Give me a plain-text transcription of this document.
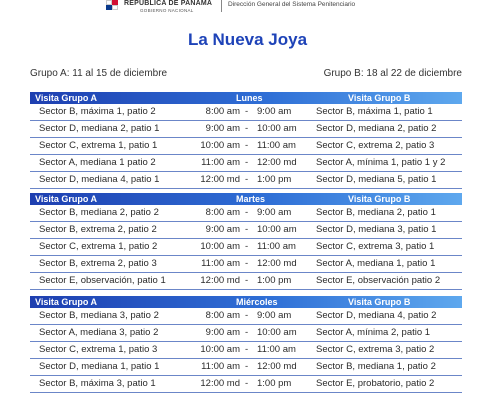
REPÚBLICA DE PANAMÁ
GOBIERNO NACIONAL
Dirección General del Sistema Penitenciario
La Nueva Joya
Grupo A: 11 al 15 de diciembre	Grupo B: 18 al 22 de diciembre
Visita Grupo A	Lunes	Visita Grupo B
Sector B, máxima 1, patio 2	8:00 am - 9:00 am	Sector B, máxima 1, patio 1
Sector D, mediana 2, patio 1	9:00 am - 10:00 am Sector D, mediana 2, patio 2
Sector C, extrema 1, patio 1	10:00 am - 11:00 am Sector C, extrema 2, patio 3
Sector A, mediana 1 patio 2	11:00 am - 12:00 md Sector A, mínima 1, patio 1 y 2
Sector D, mediana 4, patio 1	12:00 md - 1:00 pm	Sector D, mediana 5, patio 1
Visita Grupo A	Martes	Visita Grupo B
Sector B, mediana 2, patio 2	8:00 am - 9:00 am	Sector B, mediana 2, patio 1
Sector B, extrema 2, patio 2	9:00 am - 10:00 am Sector D, mediana 3, patio 1
Sector C, extrema 1, patio 2	10:00 am - 11:00 am Sector C, extrema 3, patio 1
Sector B, extrema 2, patio 3	11:00 am - 12:00 md Sector A, mediana 1, patio 1
Sector E, observación, patio 1	12:00 md - 1:00 pm	Sector E, observación patio 2
Visita Grupo A	Miércoles	Visita Grupo B
Sector B, mediana 3, patio 2	8:00 am - 9:00 am	Sector D, mediana 4, patio 2
Sector A, mediana 3, patio 2	9:00 am - 10:00 am Sector A, mínima 2, patio 1
Sector C, extrema 1, patio 3	10:00 am - 11:00 am Sector C, extrema 3, patio 2
Sector D, mediana 1, patio 1	11:00 am - 12:00 md Sector B, mediana 1, patio 2
Sector B, máxima 3, patio 1	12:00 md - 1:00 pm	Sector E, probatorio, patio 2
